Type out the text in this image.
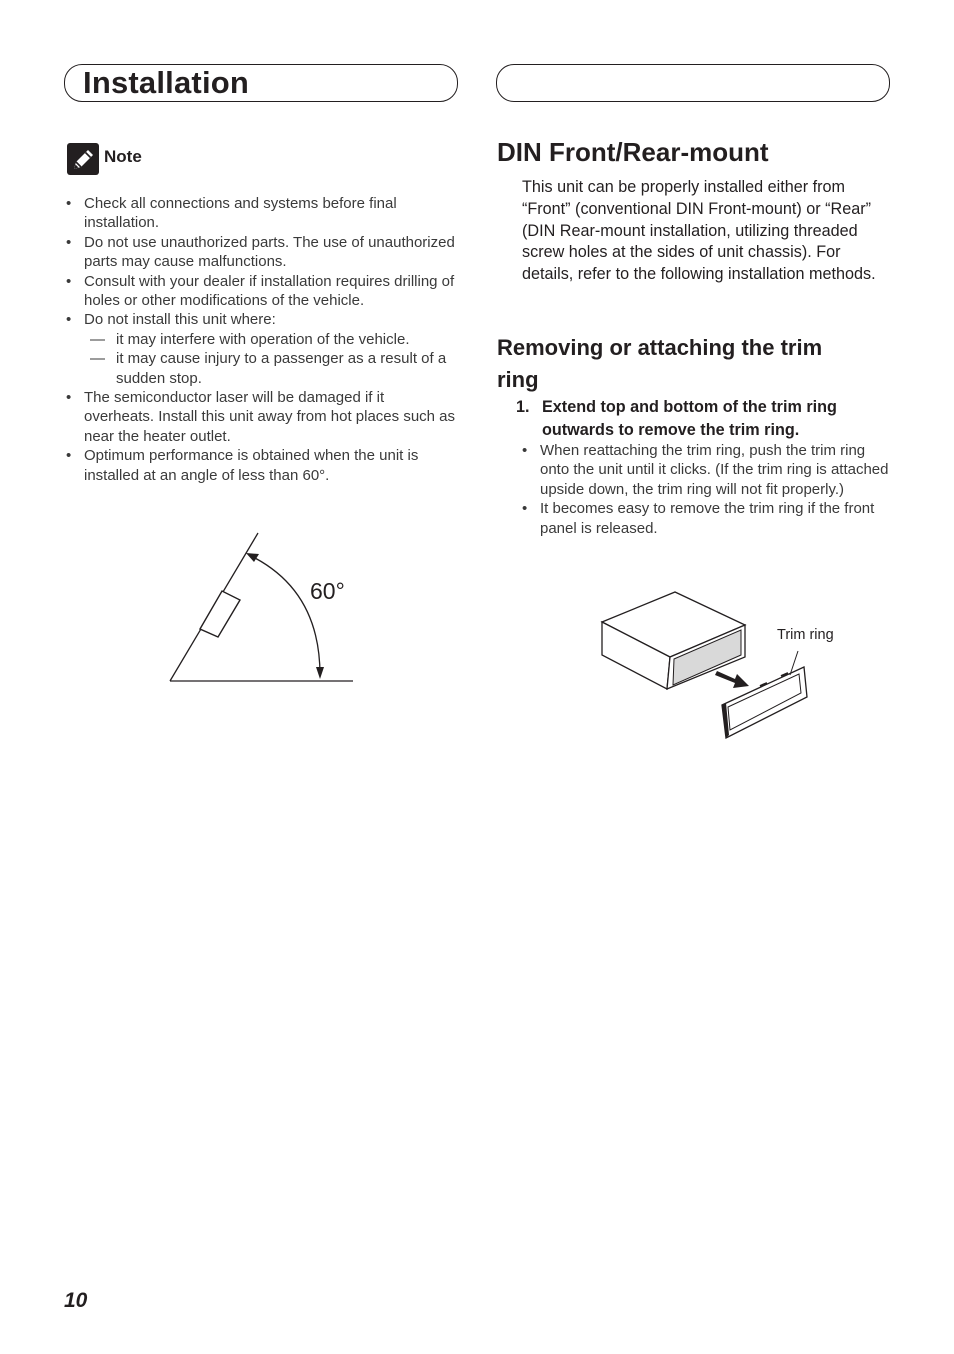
Installation
Note
• Check all connections and systems before final installation.
• Do not use unauthorized parts. The use of unauthorized parts may cause malfunctions.
• Consult with your dealer if installation requires drilling of holes or other modifications of the vehicle.
• Do not install this unit where:
— it may interfere with operation of the vehicle.
— it may cause injury to a passenger as a result of a sudden stop.
• The semiconductor laser will be damaged if it overheats. Install this unit away from hot places such as near the heater outlet.
• Optimum performance is obtained when the unit is installed at an angle of less than 60°.
60°
DIN Front/Rear-mount
This unit can be properly installed either from “Front” (conventional DIN Front-mount) or “Rear” (DIN Rear-mount installation, utilizing threaded screw holes at the sides of unit chassis). For details, refer to the following installation methods.
Removing or attaching the trim ring
1. Extend top and bottom of the trim ring outwards to remove the trim ring.
• When reattaching the trim ring, push the trim ring onto the unit until it clicks. (If the trim ring is attached upside down, the trim ring will not fit properly.)
• It becomes easy to remove the trim ring if the front panel is released.
Trim ring
10
